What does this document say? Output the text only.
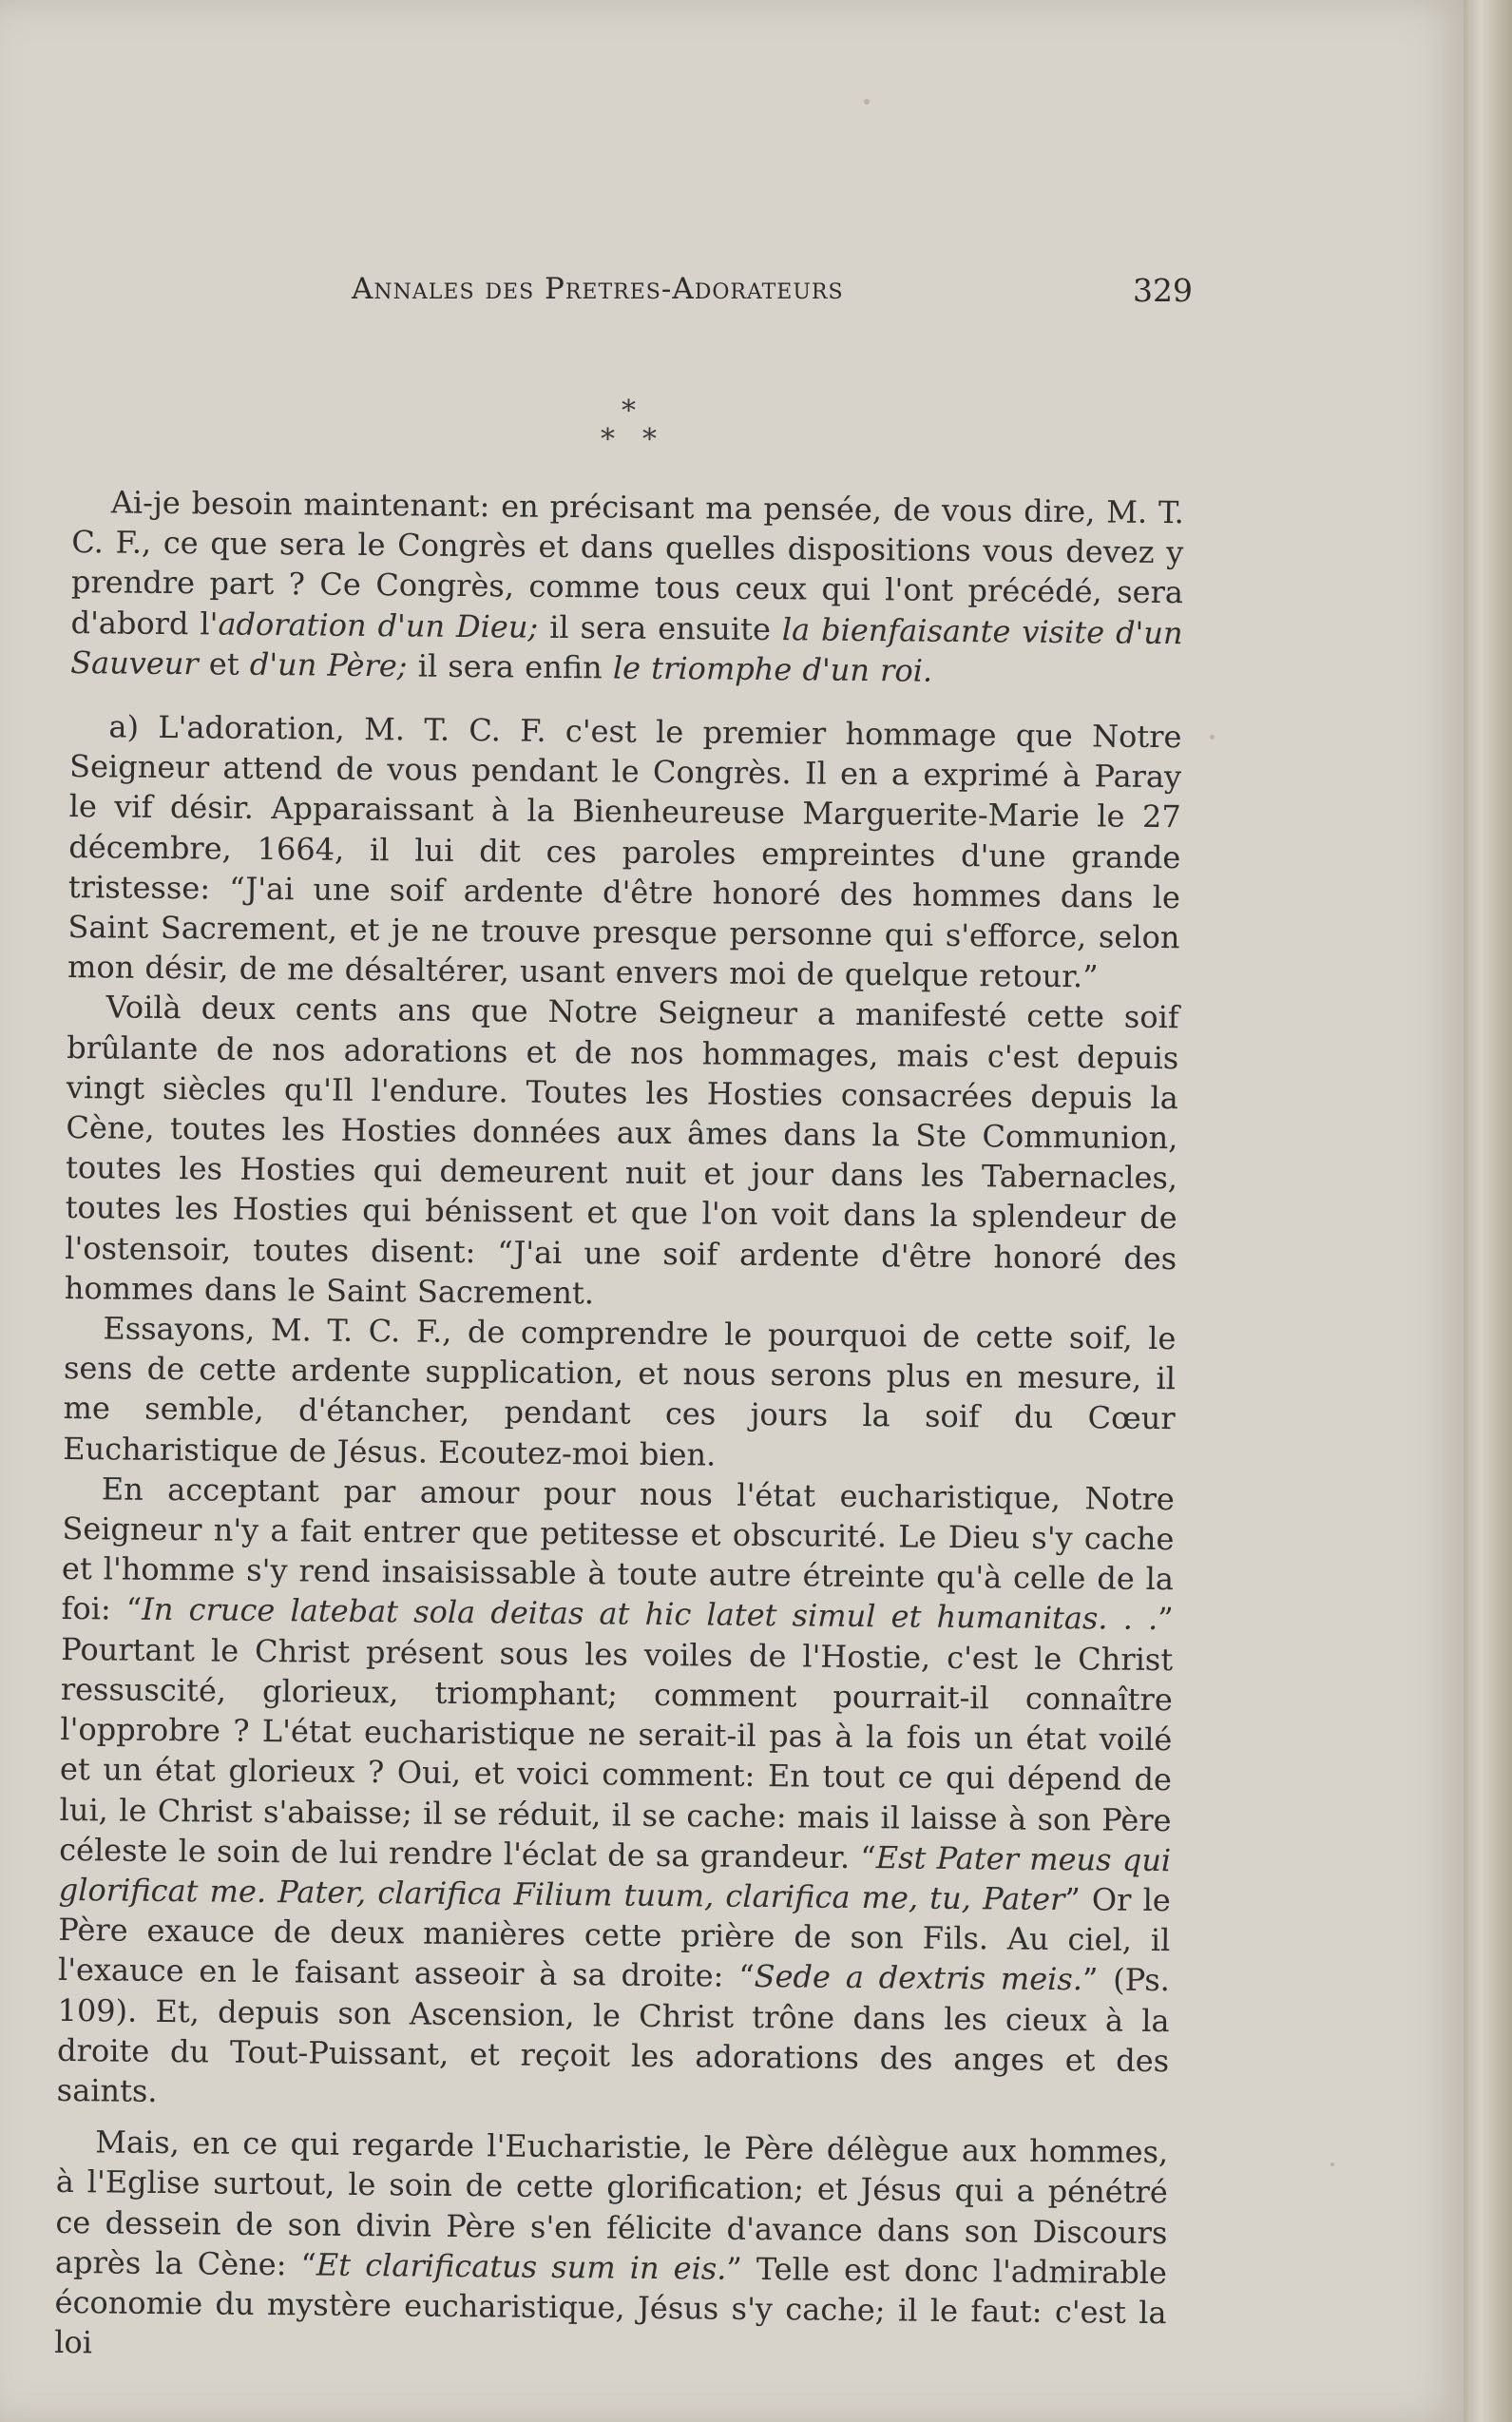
Annales des Pretres-Adorateurs	329
*
* *

Ai-je besoin maintenant: en précisant ma pensée, de vous dire, M. T. C. F., ce que sera le Congrès et dans quelles dispositions vous devez y prendre part ? Ce Congrès, comme tous ceux qui l'ont précédé, sera d'abord l'adoration d'un Dieu; il sera ensuite la bienfaisante visite d'un Sauveur et d'un Père; il sera enfin le triomphe d'un roi.

a) L'adoration, M. T. C. F. c'est le premier hommage que Notre Seigneur attend de vous pendant le Congrès. Il en a exprimé à Paray le vif désir. Apparaissant à la Bienheureuse Marguerite-Marie le 27 décembre, 1664, il lui dit ces paroles empreintes d'une grande tristesse: “J'ai une soif ardente d'être honoré des hommes dans le Saint Sacrement, et je ne trouve presque personne qui s'efforce, selon mon désir, de me désaltérer, usant envers moi de quelque retour.”

Voilà deux cents ans que Notre Seigneur a manifesté cette soif brûlante de nos adorations et de nos hommages, mais c'est depuis vingt siècles qu'Il l'endure. Toutes les Hosties consacrées depuis la Cène, toutes les Hosties données aux âmes dans la Ste Communion, toutes les Hosties qui demeurent nuit et jour dans les Tabernacles, toutes les Hosties qui bénissent et que l'on voit dans la splendeur de l'ostensoir, toutes disent: “J'ai une soif ardente d'être honoré des hommes dans le Saint Sacrement.

Essayons, M. T. C. F., de comprendre le pourquoi de cette soif, le sens de cette ardente supplication, et nous serons plus en mesure, il me semble, d'étancher, pendant ces jours la soif du Cœur Eucharistique de Jésus. Ecoutez-moi bien.

En acceptant par amour pour nous l'état eucharistique, Notre Seigneur n'y a fait entrer que petitesse et obscurité. Le Dieu s'y cache et l'homme s'y rend insaisissable à toute autre étreinte qu'à celle de la foi: “In cruce latebat sola deitas at hic latet simul et humanitas. . .” Pourtant le Christ présent sous les voiles de l'Hostie, c'est le Christ ressuscité, glorieux, triomphant; comment pourrait-il connaître l'opprobre ? L'état eucharistique ne serait-il pas à la fois un état voilé et un état glorieux ? Oui, et voici comment: En tout ce qui dépend de lui, le Christ s'abaisse; il se réduit, il se cache: mais il laisse à son Père céleste le soin de lui rendre l'éclat de sa grandeur. “Est Pater meus qui glorificat me. Pater, clarifica Filium tuum, clarifica me, tu, Pater” Or le Père exauce de deux manières cette prière de son Fils. Au ciel, il l'exauce en le faisant asseoir à sa droite: “Sede a dextris meis.” (Ps. 109). Et, depuis son Ascension, le Christ trône dans les cieux à la droite du Tout-Puissant, et reçoit les adorations des anges et des saints.

Mais, en ce qui regarde l'Eucharistie, le Père délègue aux hommes, à l'Eglise surtout, le soin de cette glorification; et Jésus qui a pénétré ce dessein de son divin Père s'en félicite d'avance dans son Discours après la Cène: “Et clarificatus sum in eis.” Telle est donc l'admirable économie du mystère eucharistique, Jésus s'y cache; il le faut: c'est la loi
